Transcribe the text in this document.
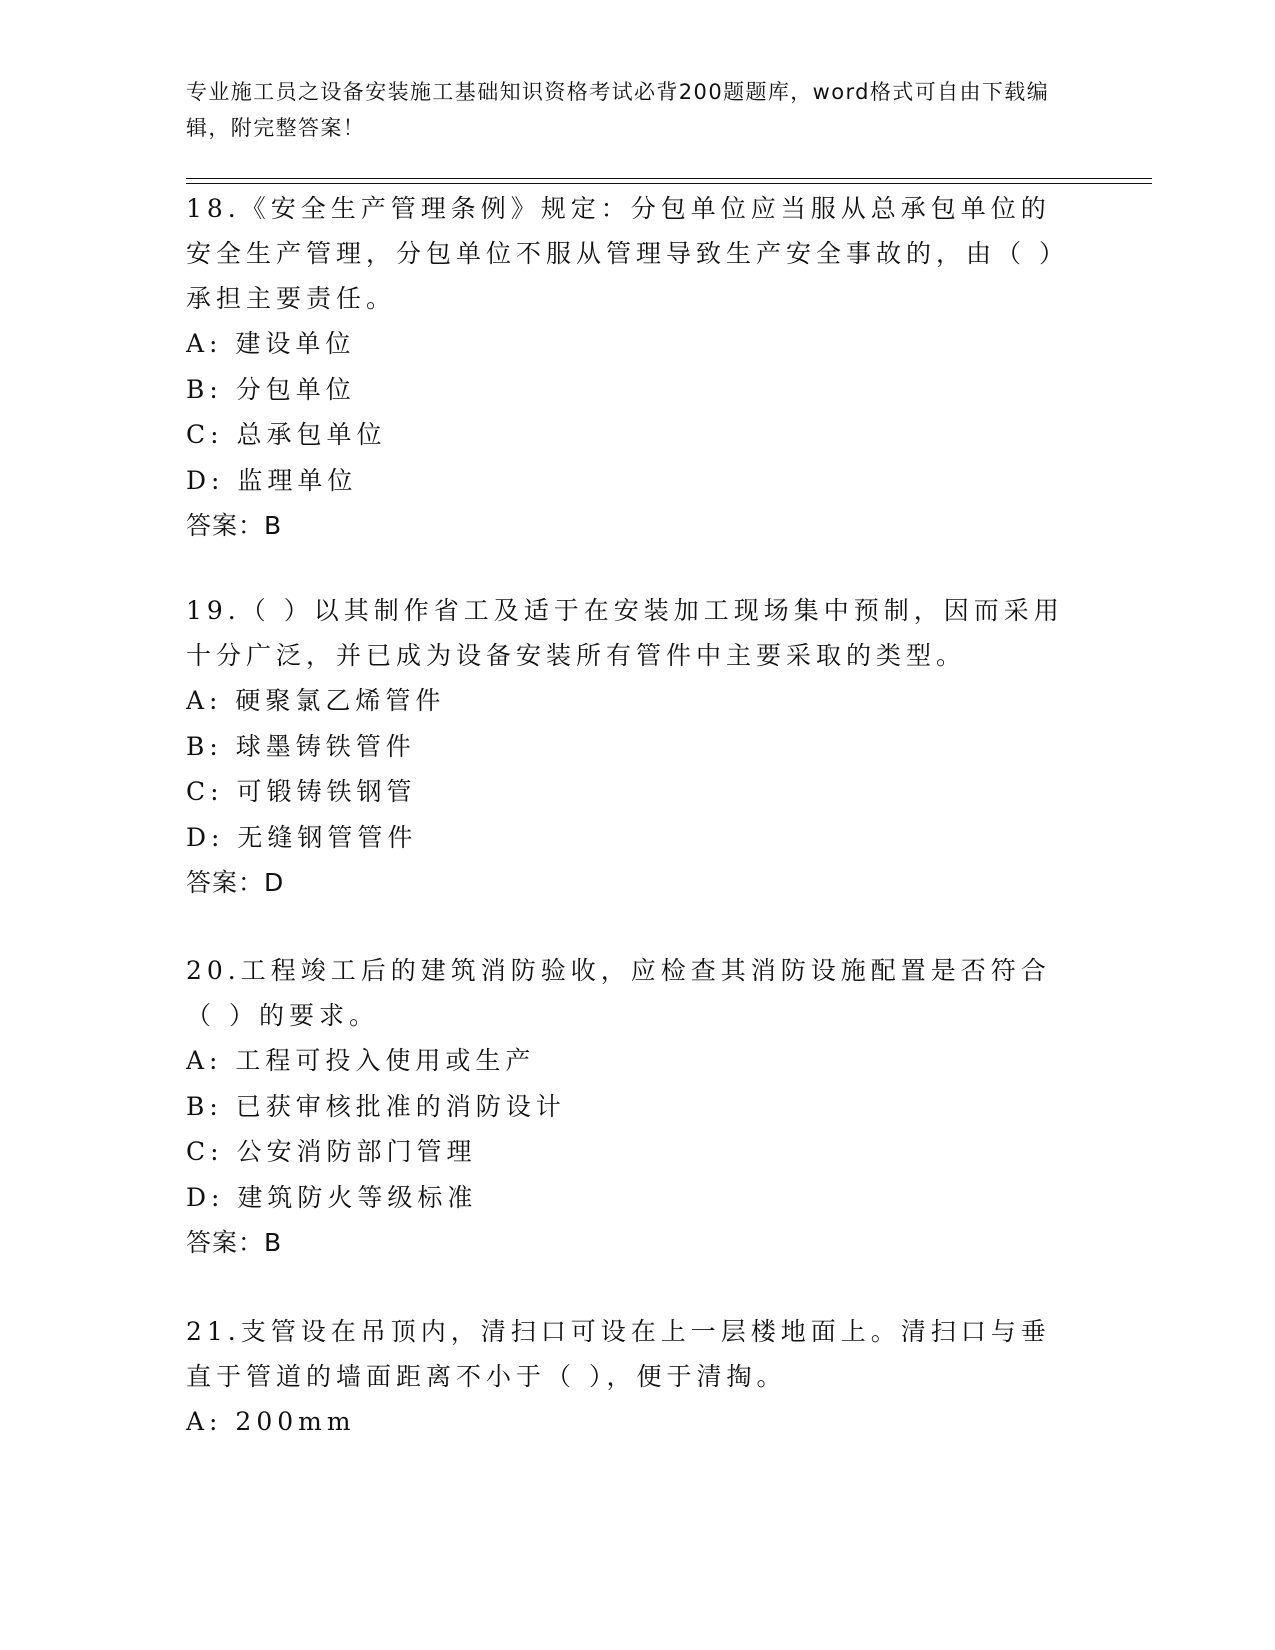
专业施工员之设备安装施工基础知识资格考试必背200题题库，word格式可自由下载编辑，附完整答案！

18.《安全生产管理条例》规定：分包单位应当服从总承包单位的安全生产管理，分包单位不服从管理导致生产安全事故的，由（ ）承担主要责任。

A: 建设单位

B: 分包单位

C: 总承包单位

D: 监理单位

答案：B

19.（ ）以其制作省工及适于在安装加工现场集中预制，因而采用十分广泛，并已成为设备安装所有管件中主要采取的类型。

A: 硬聚氯乙烯管件

B: 球墨铸铁管件

C: 可锻铸铁钢管

D: 无缝钢管管件

答案：D

20.工程竣工后的建筑消防验收，应检查其消防设施配置是否符合（ ）的要求。

A: 工程可投入使用或生产

B: 已获审核批准的消防设计

C: 公安消防部门管理

D: 建筑防火等级标准

答案：B

21.支管设在吊顶内，清扫口可设在上一层楼地面上。清扫口与垂直于管道的墙面距离不小于（ ），便于清掏。

A: 200mm
